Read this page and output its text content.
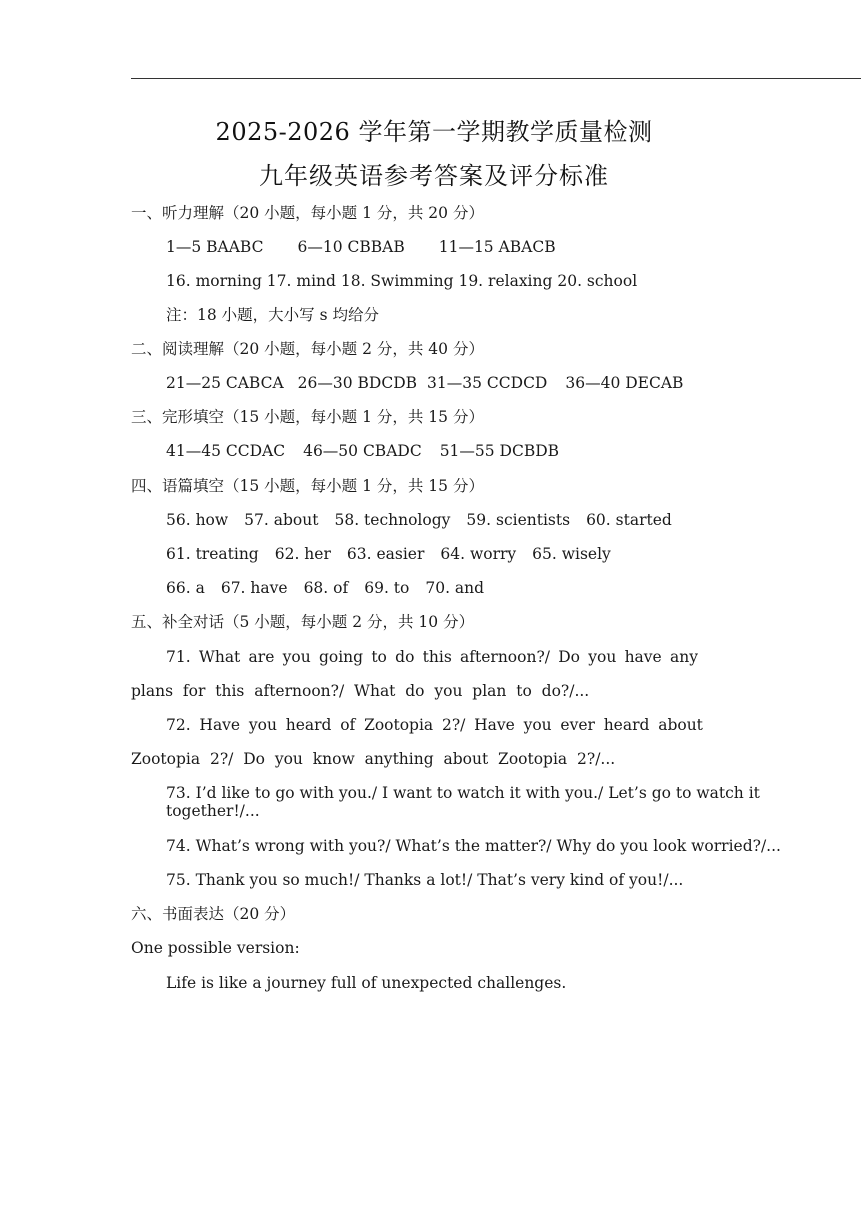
2025-2026 学年第一学期教学质量检测
九年级英语参考答案及评分标准
一、听力理解（20 小题，每小题 1 分，共 20 分）
1—5 BAABC 6—10 CBBAB 11—15 ABACB
16. morning 17. mind 18. Swimming 19. relaxing 20. school
注：18 小题，大小写 s 均给分
二、阅读理解（20 小题，每小题 2 分，共 40 分）
21—25 CABCA 26—30 BDCDB 31—35 CCDCD 36—40 DECAB
三、完形填空（15 小题，每小题 1 分，共 15 分）
41—45 CCDAC 46—50 CBADC 51—55 DCBDB
四、语篇填空（15 小题，每小题 1 分，共 15 分）
56. how 57. about 58. technology 59. scientists 60. started
61. treating 62. her 63. easier 64. worry 65. wisely
66. a 67. have 68. of 69. to 70. and
五、补全对话（5 小题，每小题 2 分，共 10 分）
71. What are you going to do this afternoon?/ Do you have any
plans  for  this  afternoon?/  What  do  you  plan  to  do?/...
72. Have you heard of Zootopia 2?/ Have you ever heard about
Zootopia  2?/  Do  you  know  anything  about  Zootopia  2?/...
73. I’d like to go with you./ I want to watch it with you./ Let’s go to watch it together!/...
74. What’s wrong with you?/ What’s the matter?/ Why do you look worried?/...
75. Thank you so much!/ Thanks a lot!/ That’s very kind of you!/...
六、书面表达（20 分）
One possible version:
Life is like a journey full of unexpected challenges.
